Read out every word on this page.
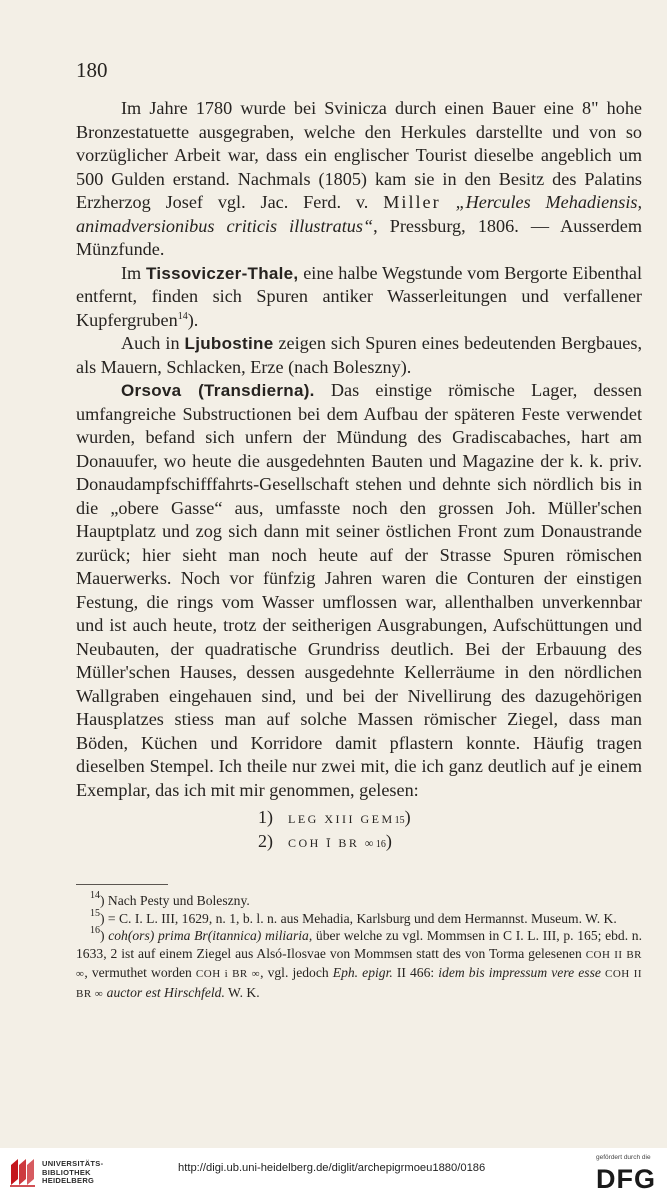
180

Im Jahre 1780 wurde bei Svinicza durch einen Bauer eine 8" hohe Bronzestatuette ausgegraben, welche den Herkules darstellte und von so vorzüglicher Arbeit war, dass ein englischer Tourist dieselbe angeblich um 500 Gulden erstand. Nachmals (1805) kam sie in den Besitz des Palatins Erzherzog Josef vgl. Jac. Ferd. v. Miller „Hercules Mehadiensis, animadversionibus criticis illustratus“, Pressburg, 1806. — Ausserdem Münzfunde.

Im Tissoviczer-Thale, eine halbe Wegstunde vom Bergorte Eibenthal entfernt, finden sich Spuren antiker Wasserleitungen und verfallener Kupfergruben$^{14}$).

Auch in Ljubostine zeigen sich Spuren eines bedeutenden Bergbaues, als Mauern, Schlacken, Erze (nach Boleszny).

Orsova (Transdierna). Das einstige römische Lager, dessen umfangreiche Substructionen bei dem Aufbau der späteren Feste verwendet wurden, befand sich unfern der Mündung des Gradiscabaches, hart am Donauufer, wo heute die ausgedehnten Bauten und Magazine der k. k. priv. Donaudampfschifffahrts-Gesellschaft stehen und dehnte sich nördlich bis in die „obere Gasse“ aus, umfasste noch den grossen Joh. Müller'schen Hauptplatz und zog sich dann mit seiner östlichen Front zum Donaustrande zurück; hier sieht man noch heute auf der Strasse Spuren römischen Mauerwerks. Noch vor fünfzig Jahren waren die Conturen der einstigen Festung, die rings vom Wasser umflossen war, allenthalben unverkennbar und ist auch heute, trotz der seitherigen Ausgrabungen, Aufschüttungen und Neubauten, der quadratische Grundriss deutlich. Bei der Erbauung des Müller'schen Hauses, dessen ausgedehnte Kellerräume in den nördlichen Wallgraben eingehauen sind, und bei der Nivellirung des dazugehörigen Hausplatzes stiess man auf solche Massen römischer Ziegel, dass man Böden, Küchen und Korridore damit pflastern konnte. Häufig tragen dieselben Stempel. Ich theile nur zwei mit, die ich ganz deutlich auf je einem Exemplar, das ich mit mir genommen, gelesen:

1)	LEG XIII GEM 15 )
2)	COH Ī BR ∞ 16 )

$^{14}$) Nach Pesty und Boleszny.

$^{15}$) = C. I. L. III, 1629, n. 1, b. l. n. aus Mehadia, Karlsburg und dem Hermannst. Museum. W. K.

$^{16}$) coh(ors) prima Br(itannica) miliaria, über welche zu vgl. Mommsen in C I. L. III, p. 165; ebd. n. 1633, 2 ist auf einem Ziegel aus Alsó-Ilosvae von Mommsen statt des von Torma gelesenen COH II BR ∞, vermuthet worden COH i BR ∞, vgl. jedoch Eph. epigr. II 466: idem bis impressum vere esse COH II BR ∞ auctor est Hirschfeld. W. K.

UNIVERSITÄTS-
BIBLIOTHEK
HEIDELBERG
http://digi.ub.uni-heidelberg.de/diglit/archepigrmoeu1880/0186
gefördert durch die
DFG
